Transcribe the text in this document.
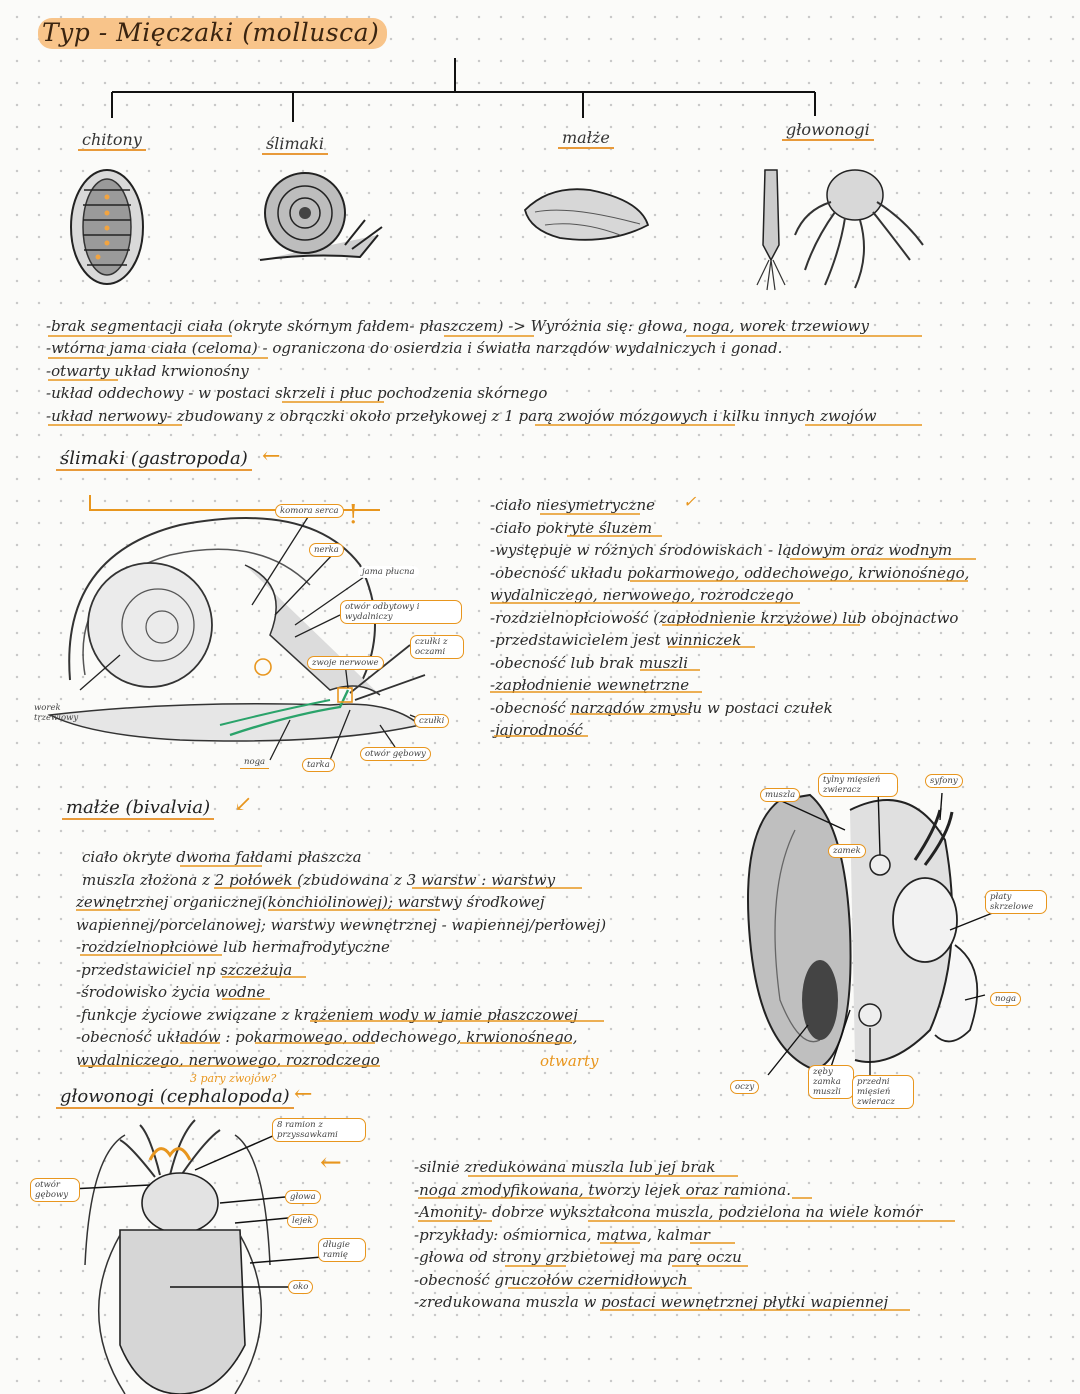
Typ - Mięczaki (mollusca)
chitony	ślimaki	małże	głowonogi
-brak segmentacji ciała (okryte skórnym fałdem- płaszczem) -> Wyróżnia się: głowa, noga, worek trzewiowy
-wtórna jama ciała (celoma) - ograniczona do osierdzia i światła narządów wydalniczych i gonad.
-otwarty układ krwionośny
-układ oddechowy - w postaci skrzeli i płuc pochodzenia skórnego
-układ nerwowy- zbudowany z obrączki około przełykowej z 1 parą zwojów mózgowych i kilku innych zwojów
ślimaki (gastropoda)
komora serca !
nerka
jama płucna
otwór odbytowy i wydalniczy
czułki z oczami
zwoje nerwowe
worek trzewiowy	czułki
otwór gębowy
noga	tarka
-ciało niesymetryczne
-ciało pokryte śluzem
-występuje w różnych środowiskach - lądowym oraz wodnym
-obecność układu pokarmowego, oddechowego, krwionośnego,
wydalniczego, nerwowego, rozrodczego
-rozdzielnopłciowość (zapłodnienie krzyżowe) lub obojnactwo
-przedstawicielem jest winniczek
-obecność lub brak muszli
-zapłodnienie wewnętrzne
-obecność narządów zmysłu w postaci czułek
-jajorodność
małże (bivalvia)
ciało okryte dwoma fałdami płaszcza
muszla złożona z 2 połówek (zbudowana z 3 warstw : warstwy
zewnętrznej organicznej(konchiolinowej); warstwy środkowej
wapiennej/porcelanowej; warstwy wewnętrznej - wapiennej/perłowej)
-rozdzielnopłciowe lub hermafrodytyczne
-przedstawiciel np szczeżuja
-środowisko życia wodne
-funkcje życiowe związane z krążeniem wody w jamie płaszczowej
-obecność układów : pokarmowego, oddechowego, krwionośnego,
wydalniczego, nerwowego, rozrodczego	otwarty
muszla
tylny mięsień zwieracz
syfony
zamek
płaty skrzelowe
noga
oczy
zęby zamka muszli
przedni mięsień zwieracz
3 pary zwojów?
głowonogi (cephalopoda)
8 ramion z przyssawkami
←
otwór gębowy	głowa
lejek
długie ramię
oko
-silnie zredukowana muszla lub jej brak
-noga zmodyfikowana, tworzy lejek oraz ramiona.
-Amonity- dobrze wykształcona muszla, podzielona na wiele komór
-przykłady: ośmiornica, mątwa, kalmar
-głowa od strony grzbietowej ma parę oczu
-obecność gruczołów czernidłowych
-zredukowana muszla w postaci wewnętrznej płytki wapiennej
←
↙
←
✓
